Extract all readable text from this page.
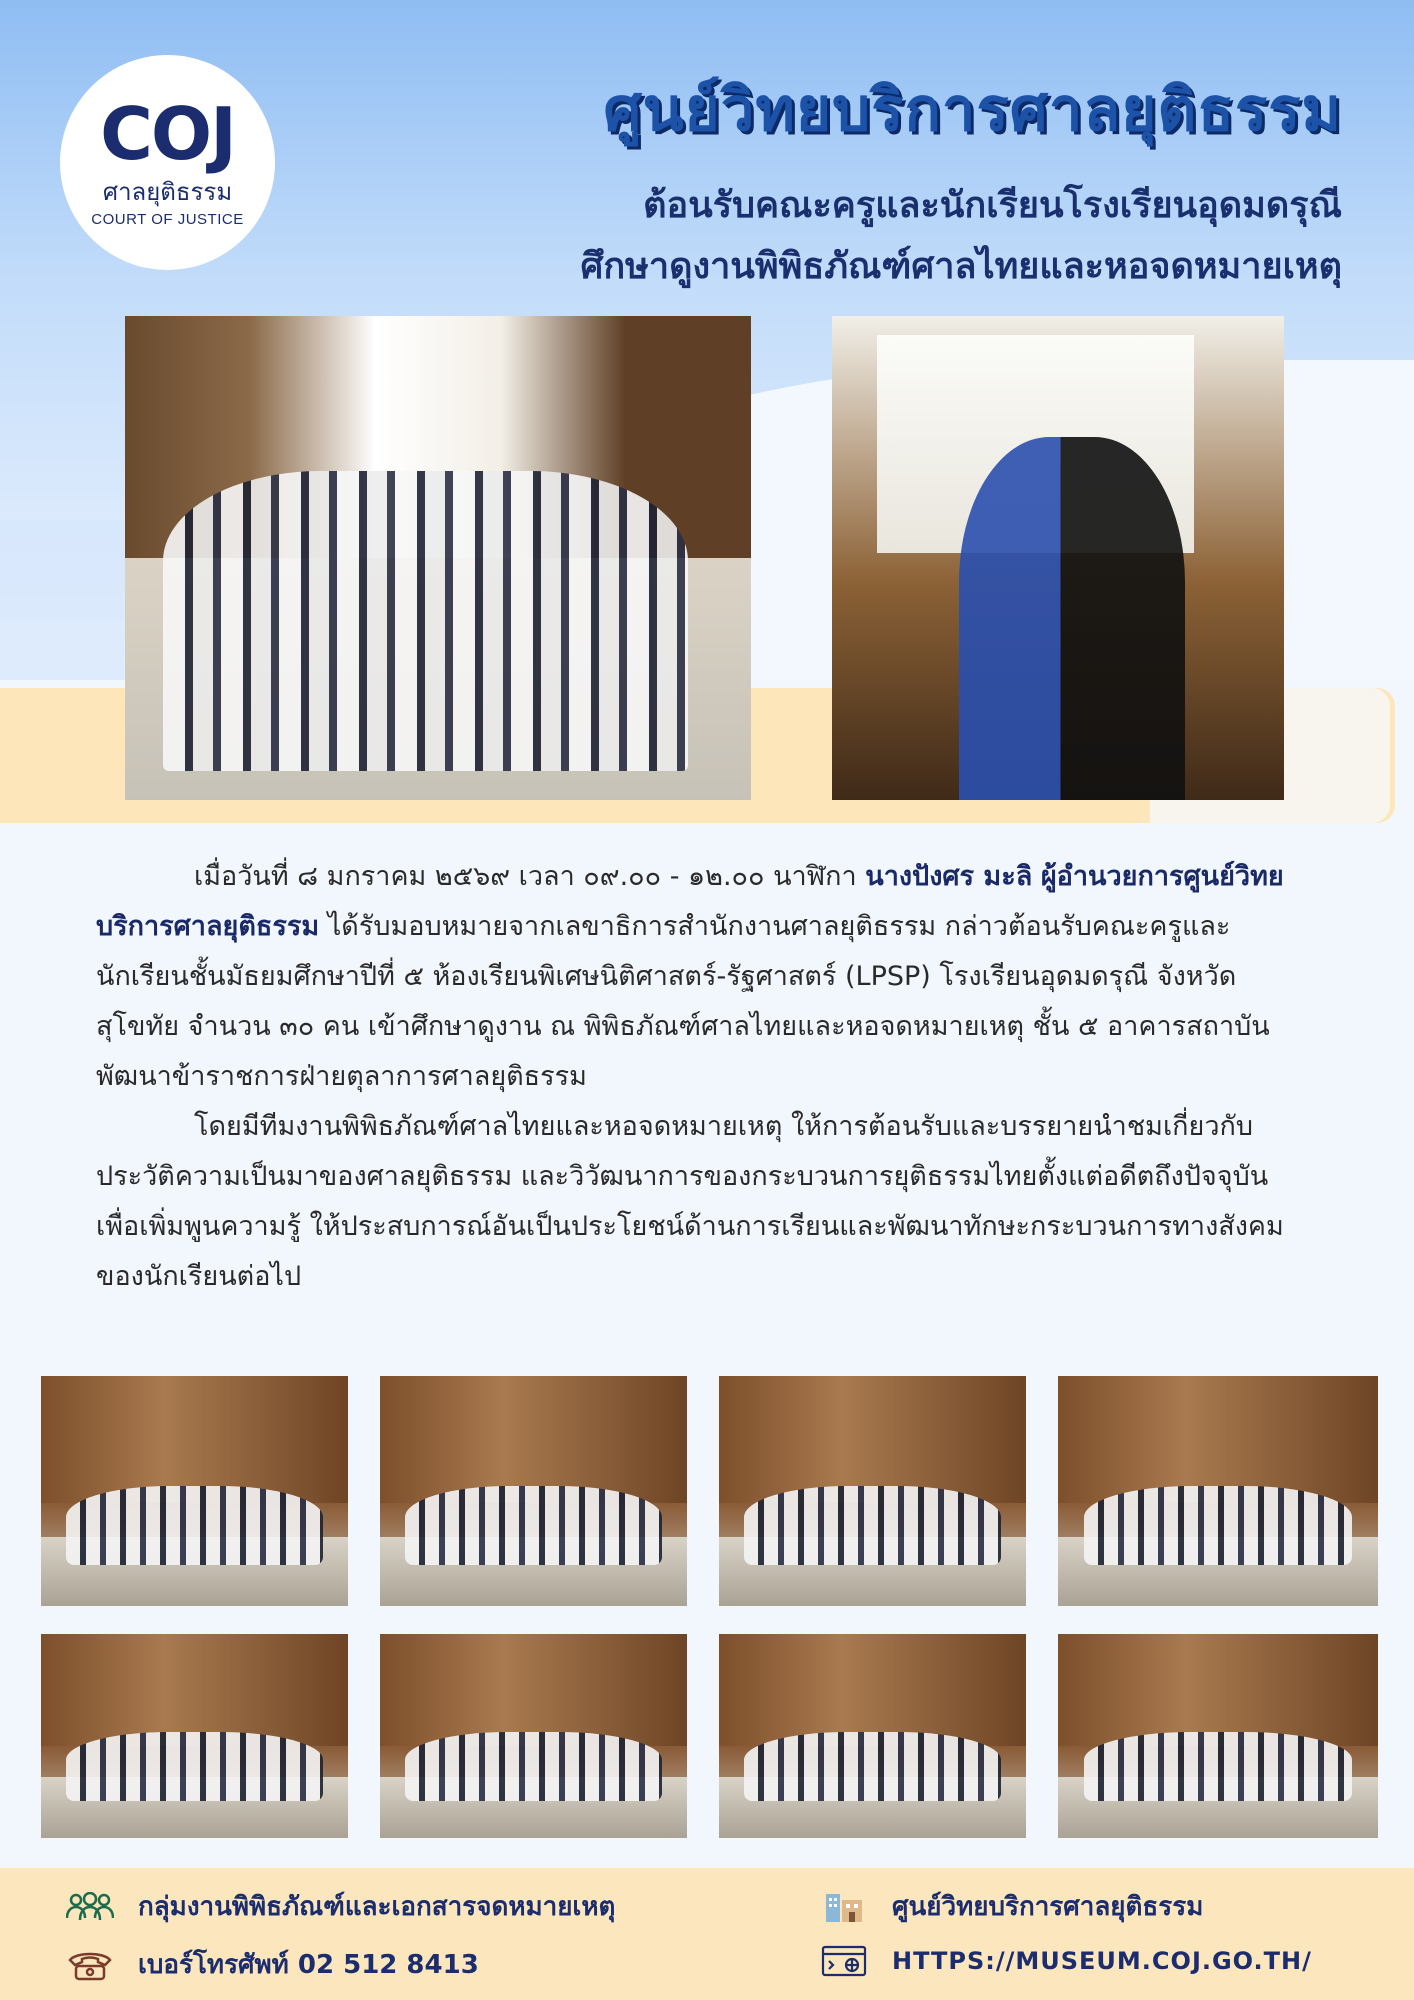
COJ
ศาลยุติธรรม
COURT OF JUSTICE
ศูนย์วิทยบริการศาลยุติธรรม
ต้อนรับคณะครูและนักเรียนโรงเรียนอุดมดรุณี
ศึกษาดูงานพิพิธภัณฑ์ศาลไทยและหอจดหมายเหตุ

เมื่อวันที่ ๘ มกราคม ๒๕๖๙ เวลา ๐๙.๐๐ - ๑๒.๐๐ นาฬิกา นางปังศร มะลิ ผู้อำนวยการศูนย์วิทยบริการศาลยุติธรรม ได้รับมอบหมายจากเลขาธิการสำนักงานศาลยุติธรรม กล่าวต้อนรับคณะครูและนักเรียนชั้นมัธยมศึกษาปีที่ ๕ ห้องเรียนพิเศษนิติศาสตร์-รัฐศาสตร์ (LPSP) โรงเรียนอุดมดรุณี จังหวัดสุโขทัย จำนวน ๓๐ คน เข้าศึกษาดูงาน ณ พิพิธภัณฑ์ศาลไทยและหอจดหมายเหตุ ชั้น ๕ อาคารสถาบันพัฒนาข้าราชการฝ่ายตุลาการศาลยุติธรรม

โดยมีทีมงานพิพิธภัณฑ์ศาลไทยและหอจดหมายเหตุ ให้การต้อนรับและบรรยายนำชมเกี่ยวกับประวัติความเป็นมาของศาลยุติธรรม และวิวัฒนาการของกระบวนการยุติธรรมไทยตั้งแต่อดีตถึงปัจจุบัน เพื่อเพิ่มพูนความรู้ ให้ประสบการณ์อันเป็นประโยชน์ด้านการเรียนและพัฒนาทักษะกระบวนการทางสังคมของนักเรียนต่อไป

กลุ่มงานพิพิธภัณฑ์และเอกสารจดหมายเหตุ
เบอร์โทรศัพท์ 02 512 8413
ศูนย์วิทยบริการศาลยุติธรรม
HTTPS://MUSEUM.COJ.GO.TH/
